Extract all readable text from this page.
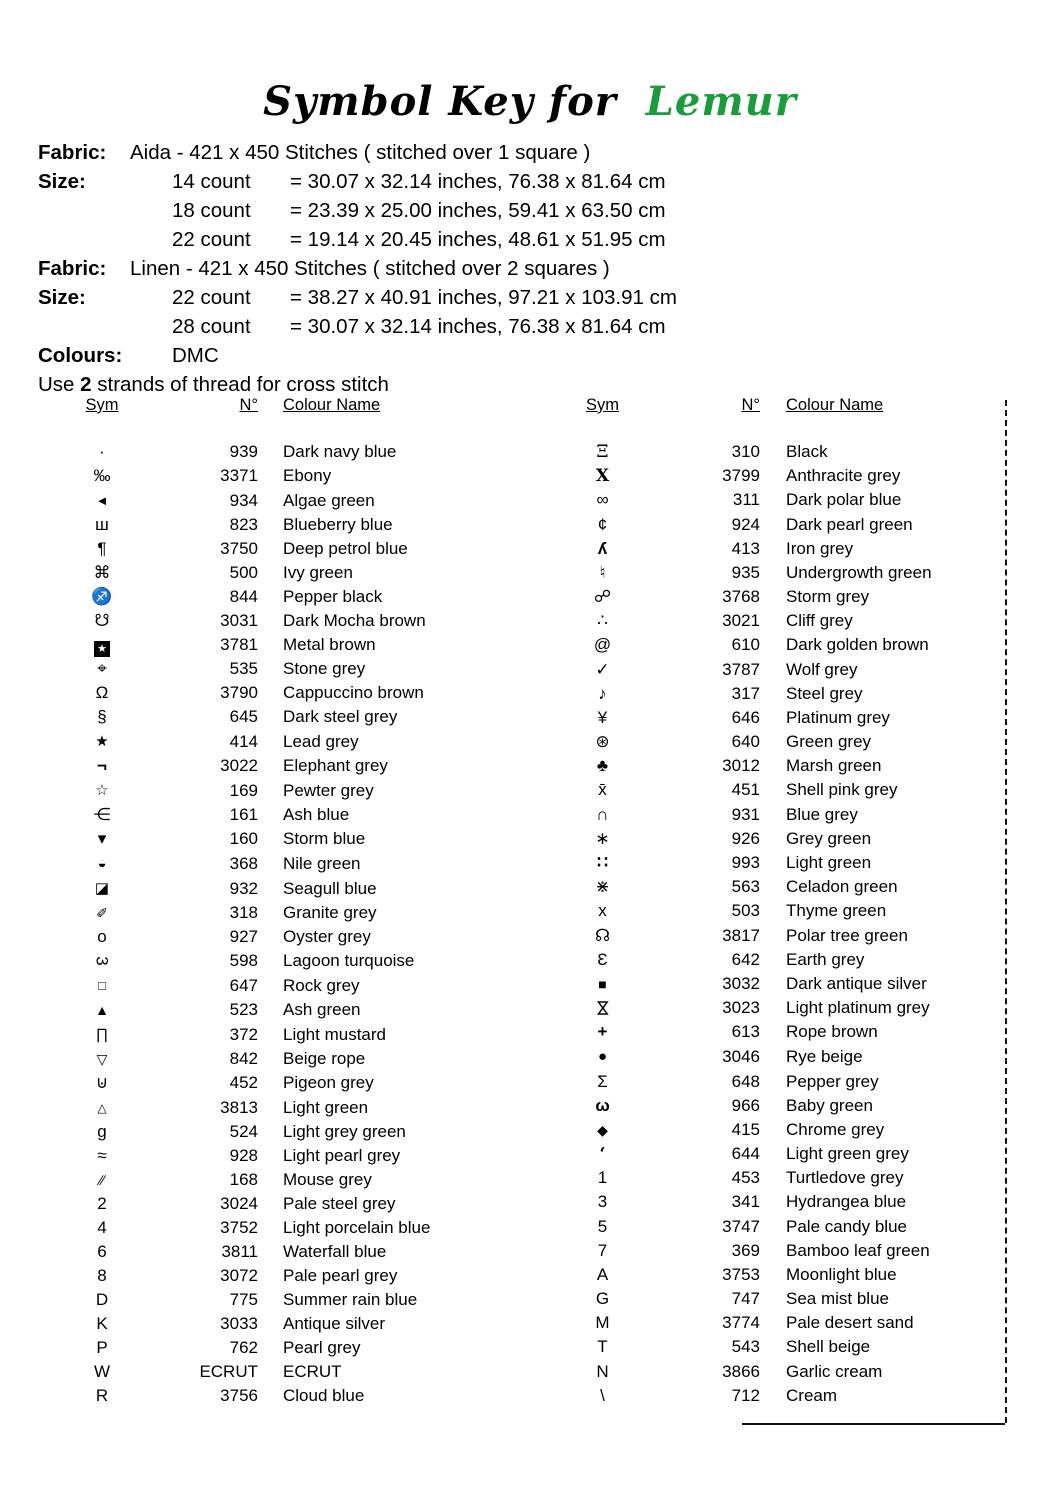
Symbol Key for Lemur
Fabric: Aida - 421 x 450 Stitches ( stitched over 1 square )
Size:	14 count = 30.07 x 32.14 inches, 76.38 x 81.64 cm
18 count = 23.39 x 25.00 inches, 59.41 x 63.50 cm
22 count = 19.14 x 20.45 inches, 48.61 x 51.95 cm
Fabric: Linen - 421 x 450 Stitches ( stitched over 2 squares )
Size:	22 count = 38.27 x 40.91 inches, 97.21 x 103.91 cm
28 count = 30.07 x 32.14 inches, 76.38 x 81.64 cm
Colours: DMC
Use 2 strands of thread for cross stitch
Sym	N°	Colour Name
·	939	Dark navy blue
‰	3371	Ebony
◄	934	Algae green
ш	823	Blueberry blue
¶	3750	Deep petrol blue
⌘	500	Ivy green
♐	844	Pepper black
☋	3031	Dark Mocha brown
★	3781	Metal brown
⌖	535	Stone grey
Ω	3790	Cappuccino brown
§	645	Dark steel grey
★	414	Lead grey
¬	3022	Elephant grey
☆	169	Pewter grey
⋲	161	Ash blue
▾	160	Storm blue
◒	368	Nile green
◪	932	Seagull blue
✐	318	Granite grey
o	927	Oyster grey
3	598	Lagoon turquoise
□	647	Rock grey
▲	523	Ash green
∏	372	Light mustard
▽	842	Beige rope
⊍	452	Pigeon grey
△	3813	Light green
g	524	Light grey green
≈	928	Light pearl grey
∕∕	168	Mouse grey
2	3024	Pale steel grey
4	3752	Light porcelain blue
6	3811	Waterfall blue
8	3072	Pale pearl grey
D	775	Summer rain blue
K	3033	Antique silver
P	762	Pearl grey
W	ECRUT	ECRUT
R	3756	Cloud blue
Sym	N°	Colour Name
Ξ	310	Black
X	3799	Anthracite grey
∞	311	Dark polar blue
¢	924	Dark pearl green
ʎ	413	Iron grey
♮	935	Undergrowth green
☍	3768	Storm grey
∴	3021	Cliff grey
@	610	Dark golden brown
✓	3787	Wolf grey
♪	317	Steel grey
¥	646	Platinum grey
⊛	640	Green grey
♣	3012	Marsh green
x̄	451	Shell pink grey
∩	931	Blue grey
∗	926	Grey green
∷	993	Light green
⋇	563	Celadon green
x	503	Thyme green
☊	3817	Polar tree green
Ɛ	642	Earth grey
■	3032	Dark antique silver
⋈	3023	Light platinum grey
+	613	Rope brown
●	3046	Rye beige
Σ	648	Pepper grey
ω	966	Baby green
◆	415	Chrome grey
‘	644	Light green grey
1	453	Turtledove grey
3	341	Hydrangea blue
5	3747	Pale candy blue
7	369	Bamboo leaf green
A	3753	Moonlight blue
G	747	Sea mist blue
M	3774	Pale desert sand
T	543	Shell beige
N	3866	Garlic cream
\	712	Cream
